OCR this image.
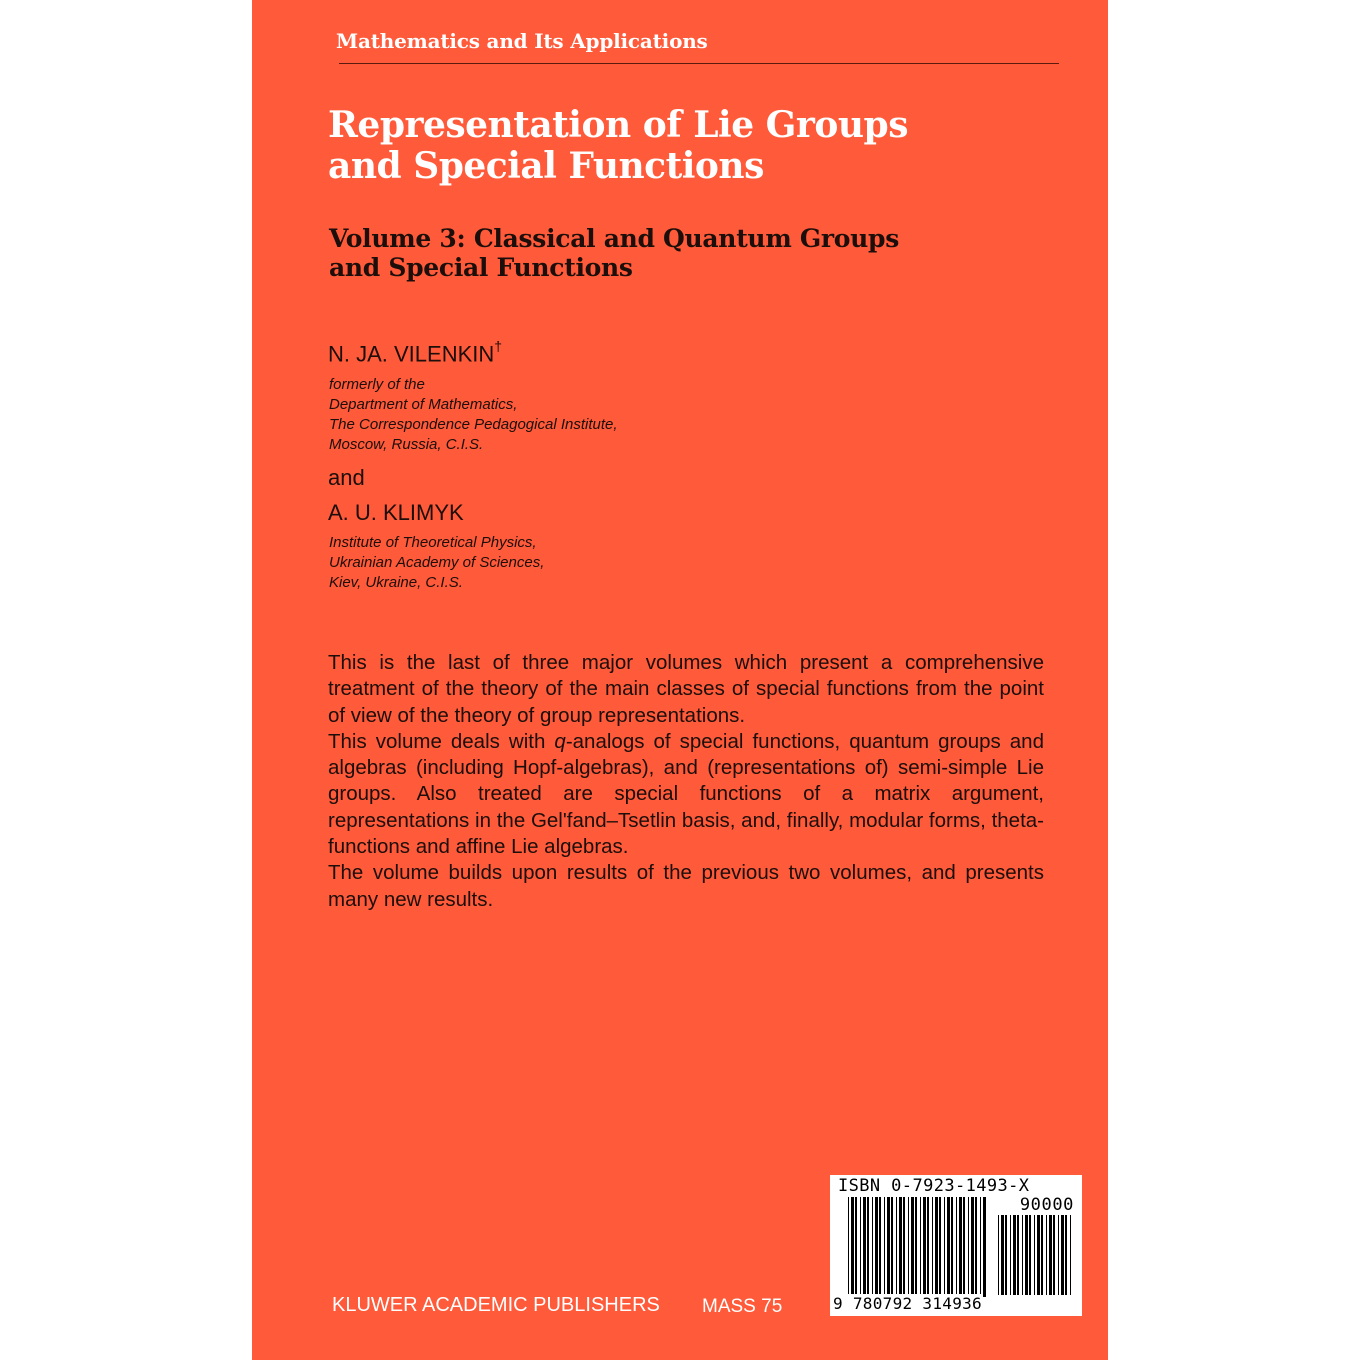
Mathematics and Its Applications
Representation of Lie Groups
and Special Functions
Volume 3: Classical and Quantum Groups
and Special Functions
N. JA. VILENKIN†
formerly of the
Department of Mathematics,
The Correspondence Pedagogical Institute,
Moscow, Russia, C.I.S.
and
A. U. KLIMYK
Institute of Theoretical Physics,
Ukrainian Academy of Sciences,
Kiev, Ukraine, C.I.S.

This is the last of three major volumes which present a comprehensive treatment of the theory of the main classes of special functions from the point of view of the theory of group representations.

This volume deals with q-analogs of special functions, quantum groups and algebras (including Hopf-algebras), and (representations of) semi-simple Lie groups. Also treated are special functions of a matrix argument, representations in the Gel'fand–Tsetlin basis, and, finally, modular forms, theta-functions and affine Lie algebras.

The volume builds upon results of the previous two volumes, and presents many new results.

KLUWER ACADEMIC PUBLISHERS MASS 75
ISBN 0-7923-1493-X
90000
9 780792 314936
